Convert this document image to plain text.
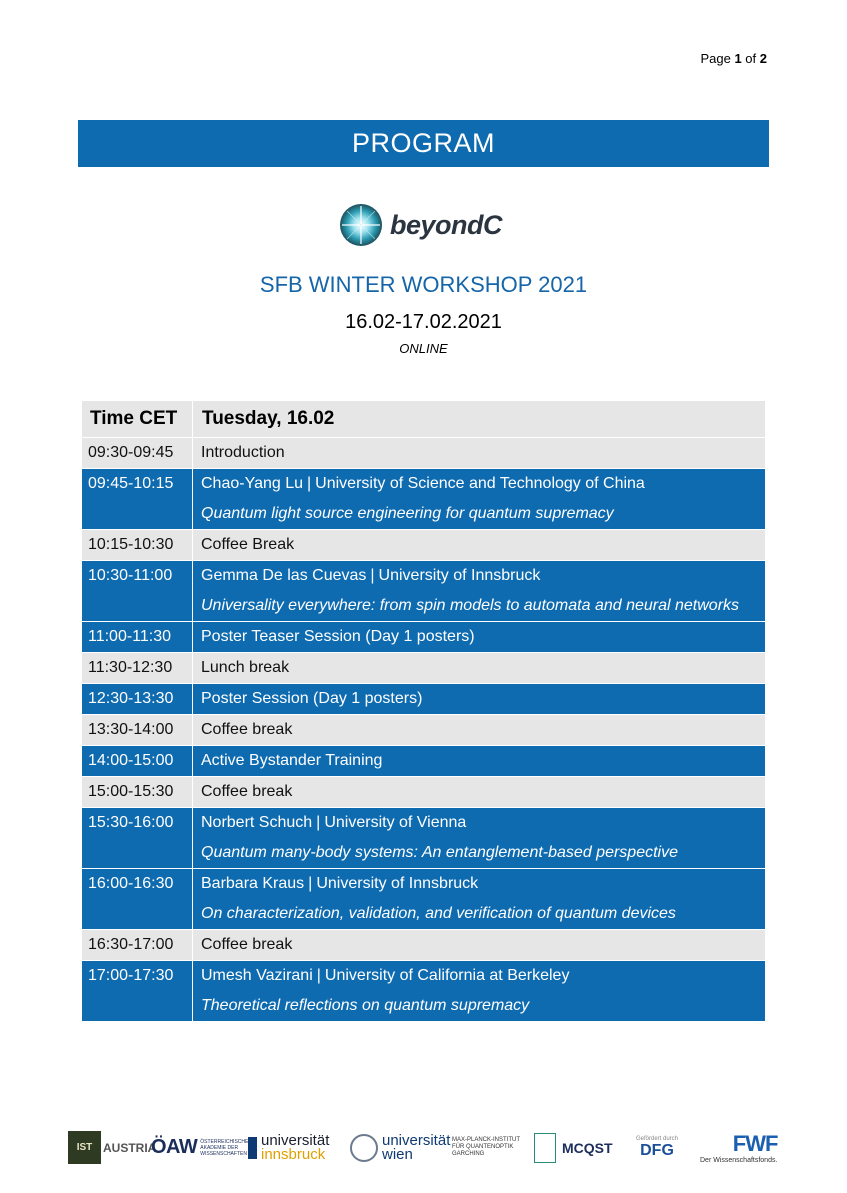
Page 1 of 2
PROGRAM
beyondC
SFB WINTER WORKSHOP 2021
16.02-17.02.2021
ONLINE
Time CET	Tuesday, 16.02

09:30-09:45	Introduction

09:45-10:15	Chao-Yang Lu | University of Science and Technology of China
Quantum light source engineering for quantum supremacy

10:15-10:30	Coffee Break

10:30-11:00	Gemma De las Cuevas | University of Innsbruck
Universality everywhere: from spin models to automata and neural networks

11:00-11:30	Poster Teaser Session (Day 1 posters)

11:30-12:30	Lunch break

12:30-13:30	Poster Session (Day 1 posters)

13:30-14:00	Coffee break

14:00-15:00	Active Bystander Training

15:00-15:30	Coffee break

15:30-16:00	Norbert Schuch | University of Vienna
Quantum many-body systems: An entanglement-based perspective

16:00-16:30	Barbara Kraus | University of Innsbruck
On characterization, validation, and verification of quantum devices

16:30-17:00	Coffee break

17:00-17:30	Umesh Vazirani | University of California at Berkeley
Theoretical reflections on quantum supremacy
IST AUSTRIA
ÖAW ÖSTERREICHISCHE AKADEMIE DER WISSENSCHAFTEN
universität
innsbruck
universität
wien
MAX-PLANCK-INSTITUT FÜR QUANTENOPTIK GARCHING	MCQST
Gefördert durch
DFG	FWF
Der Wissenschaftsfonds.
